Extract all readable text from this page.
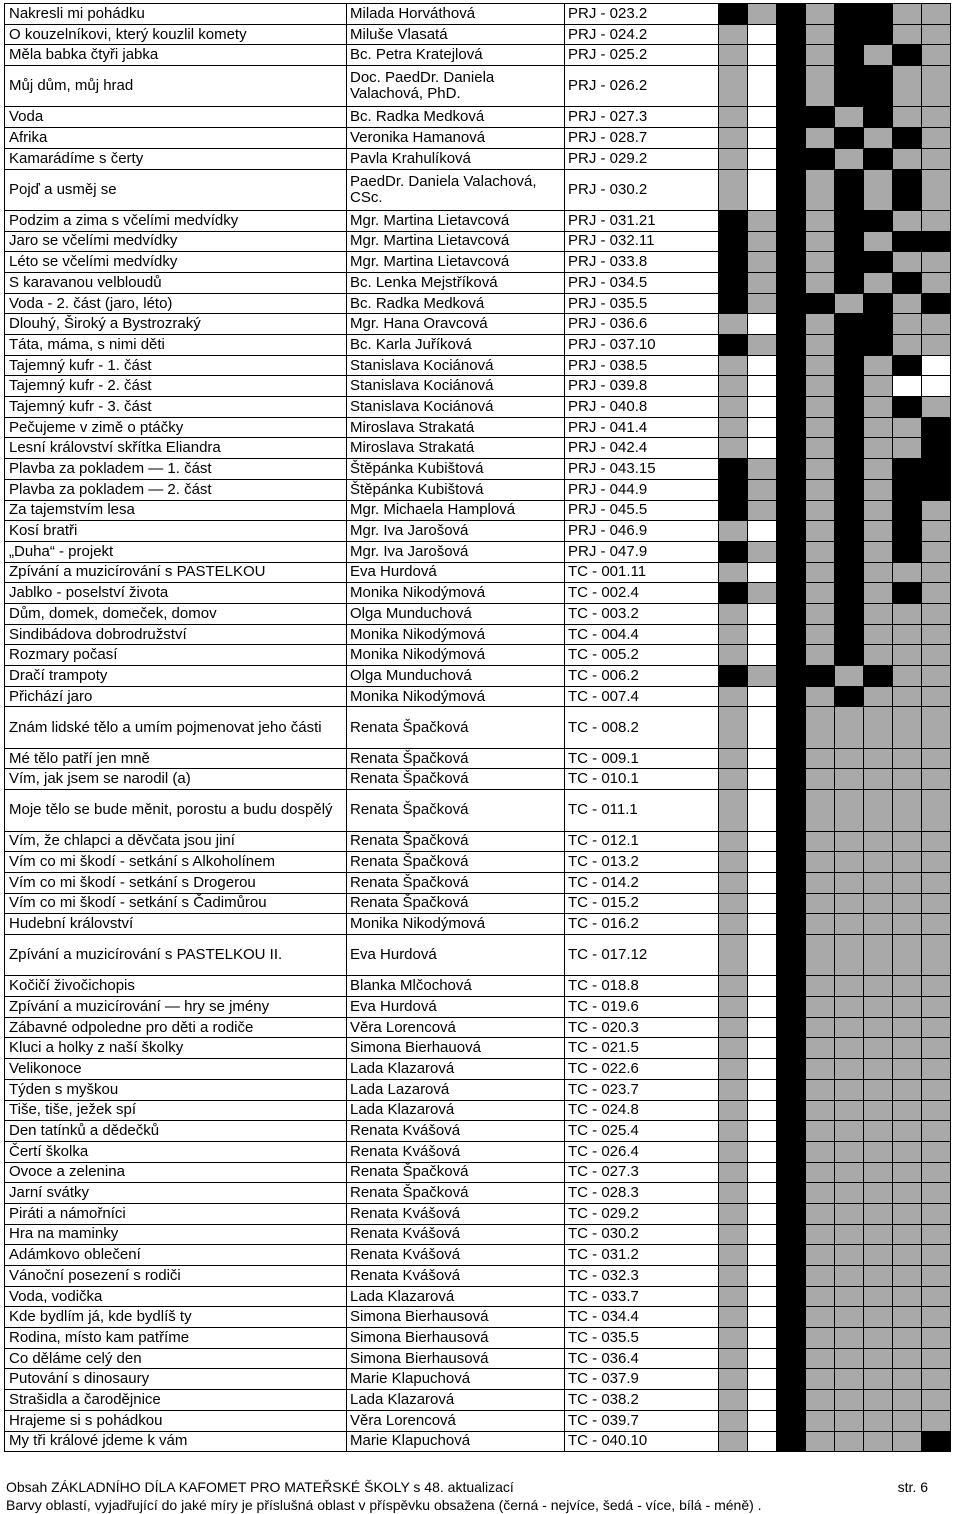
Nakresli mi pohádku	Milada Horváthová	PRJ - 023.2								
O kouzelníkovi, který kouzlil komety	Miluše Vlasatá	PRJ - 024.2								
Měla babka čtyři jabka	Bc. Petra Kratejlová	PRJ - 025.2								
Můj dům, můj hrad	Doc. PaedDr. Daniela Valachová, PhD.	PRJ - 026.2								
Voda	Bc. Radka Medková	PRJ - 027.3								
Afrika	Veronika Hamanová	PRJ - 028.7								
Kamarádíme s čerty	Pavla Krahulíková	PRJ - 029.2								
Pojď a usměj se	PaedDr. Daniela Valachová, CSc.	PRJ - 030.2								
Podzim a zima s včelími medvídky	Mgr. Martina Lietavcová	PRJ - 031.21								
Jaro se včelími medvídky	Mgr. Martina Lietavcová	PRJ - 032.11								
Léto se včelími medvídky	Mgr. Martina Lietavcová	PRJ - 033.8								
S karavanou velbloudů	Bc. Lenka Mejstříková	PRJ - 034.5								
Voda - 2. část (jaro, léto)	Bc. Radka Medková	PRJ - 035.5								
Dlouhý, Široký a Bystrozraký	Mgr. Hana Oravcová	PRJ - 036.6								
Táta, máma, s nimi děti	Bc. Karla Juříková	PRJ - 037.10								
Tajemný kufr - 1. část	Stanislava Kociánová	PRJ - 038.5								
Tajemný kufr - 2. část	Stanislava Kociánová	PRJ - 039.8								
Tajemný kufr - 3. část	Stanislava Kociánová	PRJ - 040.8								
Pečujeme v zimě o ptáčky	Miroslava Strakatá	PRJ - 041.4								
Lesní království skřítka Eliandra	Miroslava Strakatá	PRJ - 042.4								
Plavba za pokladem — 1. část	Štěpánka Kubištová	PRJ - 043.15								
Plavba za pokladem — 2. část	Štěpánka Kubištová	PRJ - 044.9								
Za tajemstvím lesa	Mgr. Michaela Hamplová	PRJ - 045.5								
Kosí bratři	Mgr. Iva Jarošová	PRJ - 046.9								
„Duha“ - projekt	Mgr. Iva Jarošová	PRJ - 047.9								
Zpívání a muzicírování s PASTELKOU	Eva Hurdová	TC - 001.11								
Jablko - poselství života	Monika Nikodýmová	TC - 002.4								
Dům, domek, domeček, domov	Olga Munduchová	TC - 003.2								
Sindibádova dobrodružství	Monika Nikodýmová	TC - 004.4								
Rozmary počasí	Monika Nikodýmová	TC - 005.2								
Dračí trampoty	Olga Munduchová	TC - 006.2								
Přichází jaro	Monika Nikodýmová	TC - 007.4								
Znám lidské tělo a umím pojmenovat jeho části	Renata Špačková	TC - 008.2								
Mé tělo patří jen mně	Renata Špačková	TC - 009.1								
Vím, jak jsem se narodil (a)	Renata Špačková	TC - 010.1								
Moje tělo se bude měnit, porostu a budu dospělý	Renata Špačková	TC - 011.1								
Vím, že chlapci a děvčata jsou jiní	Renata Špačková	TC - 012.1								
Vím co mi škodí - setkání s Alkoholínem	Renata Špačková	TC - 013.2								
Vím co mi škodí - setkání s Drogerou	Renata Špačková	TC - 014.2								
Vím co mi škodí - setkání s Čadimůrou	Renata Špačková	TC - 015.2								
Hudební království	Monika Nikodýmová	TC - 016.2								
Zpívání a muzicírování s PASTELKOU II.	Eva Hurdová	TC - 017.12								
Kočičí živočichopis	Blanka Mlčochová	TC - 018.8								
Zpívání a muzicírování — hry se jmény	Eva Hurdová	TC - 019.6								
Zábavné odpoledne pro děti a rodiče	Věra Lorencová	TC - 020.3								
Kluci a holky z naší školky	Simona Bierhauová	TC - 021.5								
Velikonoce	Lada Klazarová	TC - 022.6								
Týden s myškou	Lada Lazarová	TC - 023.7								
Tiše, tiše, ježek spí	Lada Klazarová	TC - 024.8								
Den tatínků a dědečků	Renata Kvášová	TC - 025.4								
Čertí školka	Renata Kvášová	TC - 026.4								
Ovoce a zelenina	Renata Špačková	TC - 027.3								
Jarní svátky	Renata Špačková	TC - 028.3								
Piráti a námořníci	Renata Kvášová	TC - 029.2								
Hra na maminky	Renata Kvášová	TC - 030.2								
Adámkovo oblečení	Renata Kvášová	TC - 031.2								
Vánoční posezení s rodiči	Renata Kvášová	TC - 032.3								
Voda, vodička	Lada Klazarová	TC - 033.7								
Kde bydlím já, kde bydlíš ty	Simona Bierhausová	TC - 034.4								
Rodina, místo kam patříme	Simona Bierhausová	TC - 035.5								
Co děláme celý den	Simona Bierhausová	TC - 036.4								
Putování s dinosaury	Marie Klapuchová	TC - 037.9								
Strašidla a čarodějnice	Lada Klazarová	TC - 038.2								
Hrajeme si s pohádkou	Věra Lorencová	TC - 039.7								
My tři králové jdeme k vám	Marie Klapuchová	TC - 040.10								
Obsah ZÁKLADNÍHO DÍLA KAFOMET PRO MATEŘSKÉ ŠKOLY s 48. aktualizací	str. 6
Barvy oblastí, vyjadřující do jaké míry je příslušná oblast v příspěvku obsažena (černá - nejvíce, šedá - více, bílá - méně) .
